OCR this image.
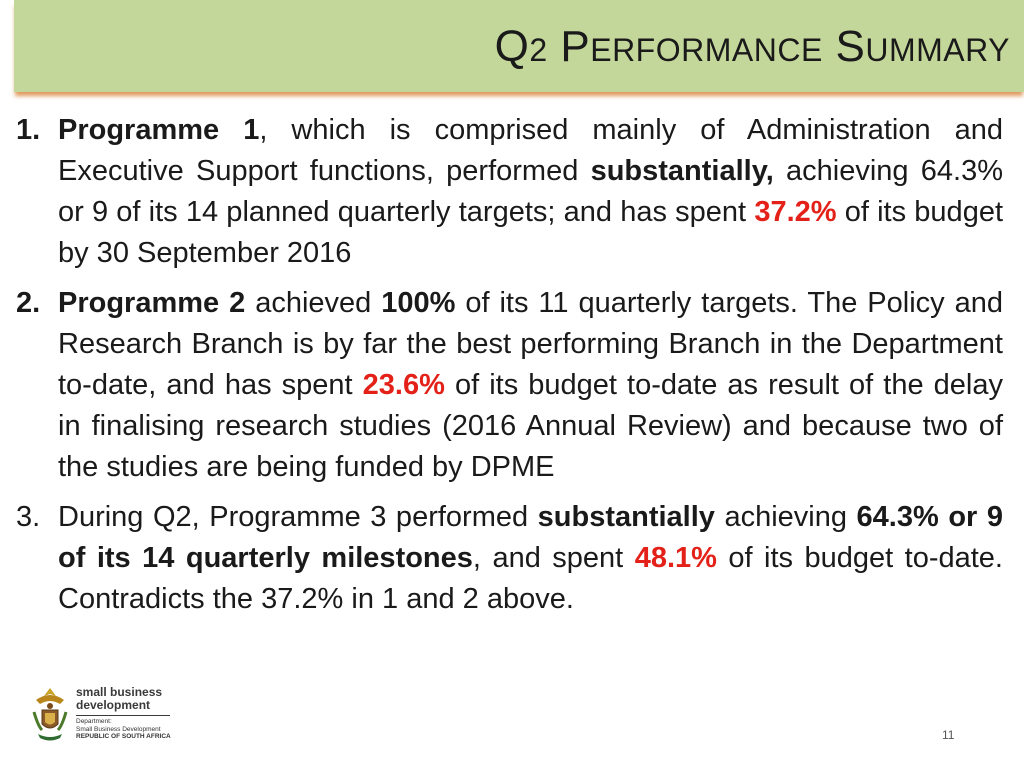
Q2 PERFORMANCE SUMMARY
1. Programme 1, which is comprised mainly of Administration and Executive Support functions, performed substantially, achieving 64.3% or 9 of its 14 planned quarterly targets; and has spent 37.2% of its budget by 30 September 2016
2. Programme 2 achieved 100% of its 11 quarterly targets. The Policy and Research Branch is by far the best performing Branch in the Department to-date, and has spent 23.6% of its budget to-date as result of the delay in finalising research studies (2016 Annual Review) and because two of the studies are being funded by DPME
3. During Q2, Programme 3 performed substantially achieving 64.3% or 9 of its 14 quarterly milestones, and spent 48.1% of its budget to-date. Contradicts the 37.2% in 1 and 2 above.
small business
development
Department:
Small Business Development
REPUBLIC OF SOUTH AFRICA	11
